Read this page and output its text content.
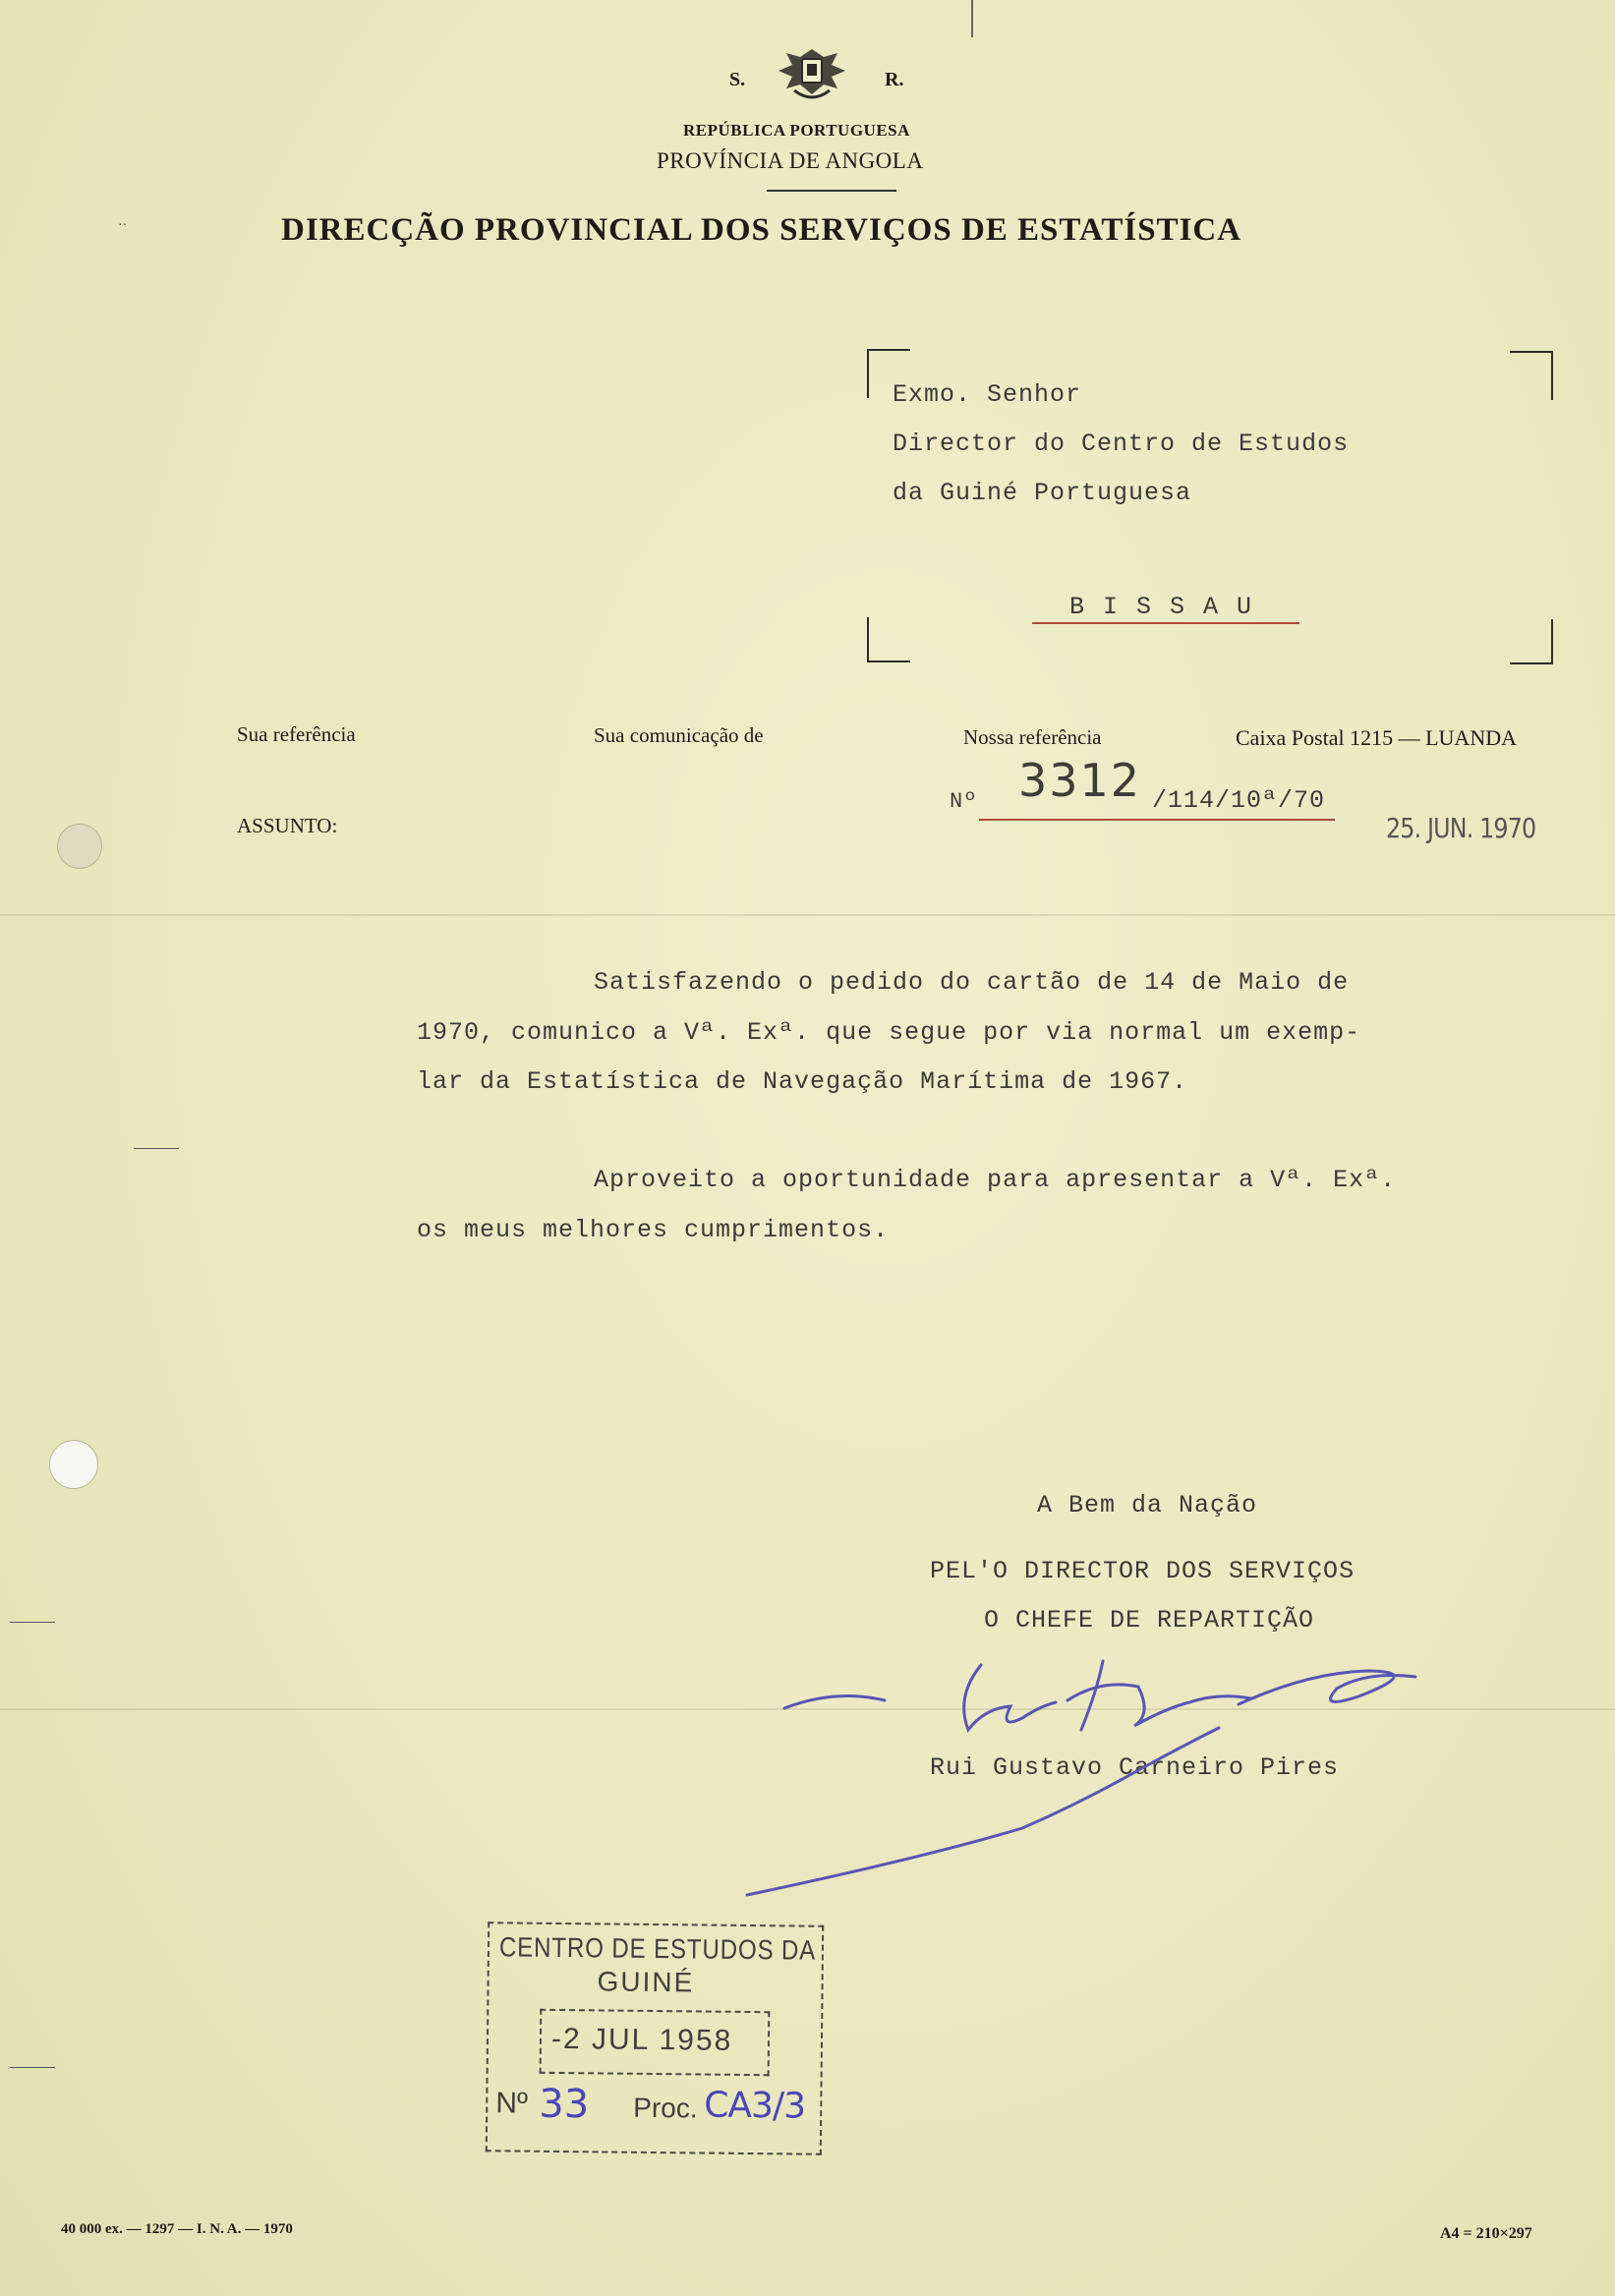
S.	R.
REPÚBLICA PORTUGUESA
PROVÍNCIA DE ANGOLA
··	DIRECÇÃO PROVINCIAL DOS SERVIÇOS DE ESTATÍSTICA
Exmo. Senhor
Director do Centro de Estudos
da Guiné Portuguesa
B I S S A U
Sua referência	Sua comunicação de	Nossa referência	Caixa Postal 1215 — LUANDA
ASSUNTO:
Nº 3312 /114/10ª/70
25. JUN. 1970
Satisfazendo o pedido do cartão de 14 de Maio de
1970, comunico a Vª. Exª. que segue por via normal um exemp-
lar da Estatística de Navegação Marítima de 1967.
Aproveito a oportunidade para apresentar a Vª. Exª.
os meus melhores cumprimentos.
A Bem da Nação
PEL'O DIRECTOR DOS SERVIÇOS
O CHEFE DE REPARTIÇÃO
Rui Gustavo Carneiro Pires
CENTRO DE ESTUDOS DA
GUINÉ
-2 JUL 1958
Nº 33 Proc. CA3/3
40 000 ex. — 1297 — I. N. A. — 1970	A4 = 210×297
